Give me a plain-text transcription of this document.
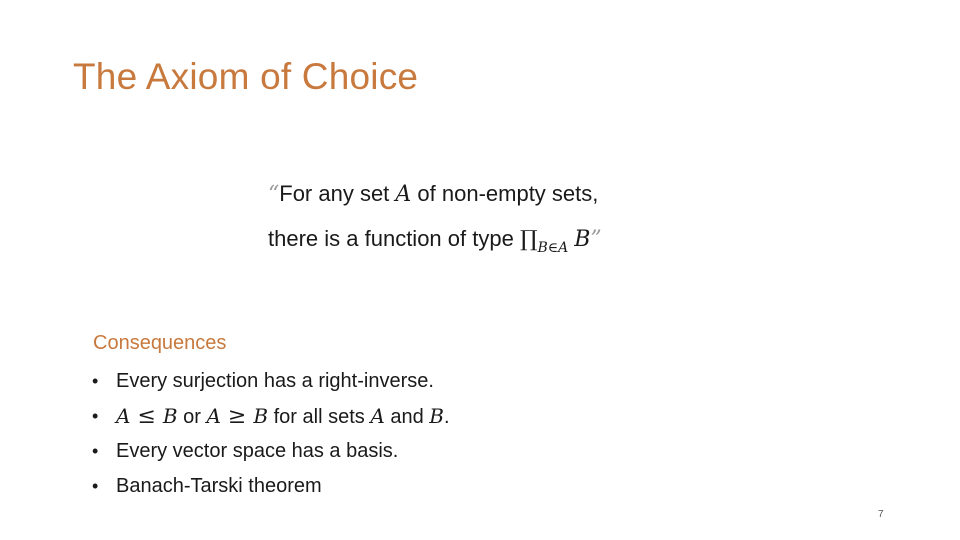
The Axiom of Choice
“For any set A of non-empty sets,
there is a function of type $\prod_{B\in A}$ B”
Consequences
• Every surjection has a right-inverse.
• A ≤ B or A ≥ B for all sets A and B.
• Every vector space has a basis.
• Banach-Tarski theorem
7
